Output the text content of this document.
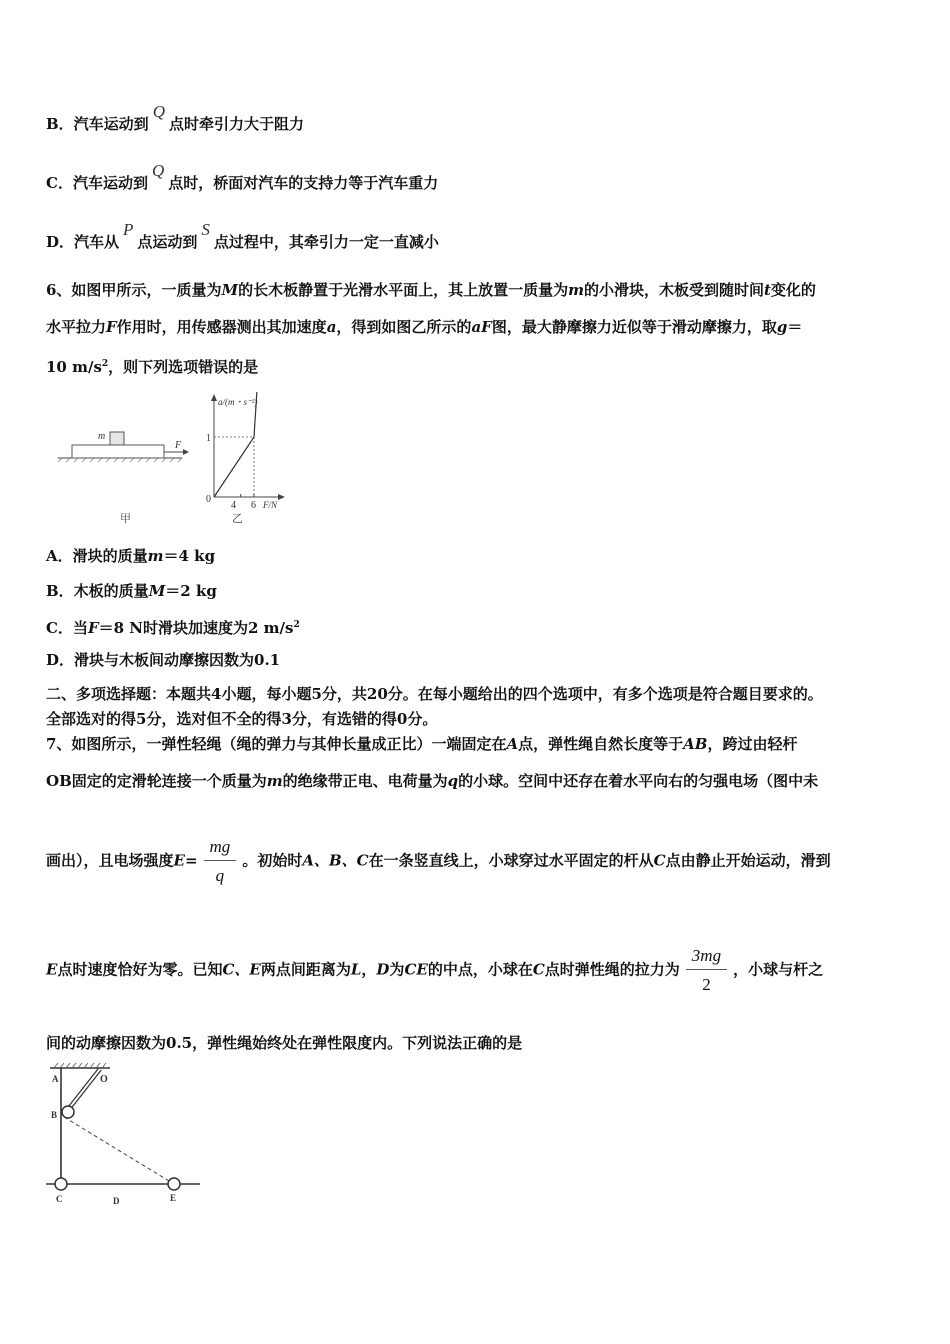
B．汽车运动到Q点时牵引力大于阻力
C．汽车运动到Q点时，桥面对汽车的支持力等于汽车重力
D．汽车从P点运动到S点过程中，其牵引力一定一直减小
6、如图甲所示，一质量为M的长木板静置于光滑水平面上，其上放置一质量为m的小滑块，木板受到随时间t变化的
水平拉力F作用时，用传感器测出其加速度a，得到如图乙所示的aF图，最大静摩擦力近似等于滑动摩擦力，取g＝
10 $m/s^2$，则下列选项错误的是
m
F
甲
a/(m・s⁻²)
F/N
0
1
4 6
乙
A．滑块的质量m＝4 kg
B．木板的质量M＝2 kg
C．当F＝8 N时滑块加速度为2 $m/s^2$
D．滑块与木板间动摩擦因数为0.1
二、多项选择题：本题共4小题，每小题5分，共20分。在每小题给出的四个选项中，有多个选项是符合题目要求的。
全部选对的得5分，选对但不全的得3分，有选错的得0分。
7、如图所示，一弹性轻绳（绳的弹力与其伸长量成正比）一端固定在A点，弹性绳自然长度等于AB，跨过由轻杆
OB固定的定滑轮连接一个质量为m的绝缘带正电、电荷量为q的小球。空间中还存在着水平向右的匀强电场（图中未
画出），且电场强度$E= \frac{mg}{q}$ 。初始时A、B、C在一条竖直线上，小球穿过水平固定的杆从C点由静止开始运动，滑到
E点时速度恰好为零。已知C、E两点间距离为L，D为CE的中点，小球在C点时弹性绳的拉力为 $\frac{3mg}{2}$ ，小球与杆之
间的动摩擦因数为0.5，弹性绳始终处在弹性限度内。下列说法正确的是
A	O
B
C	D	E
